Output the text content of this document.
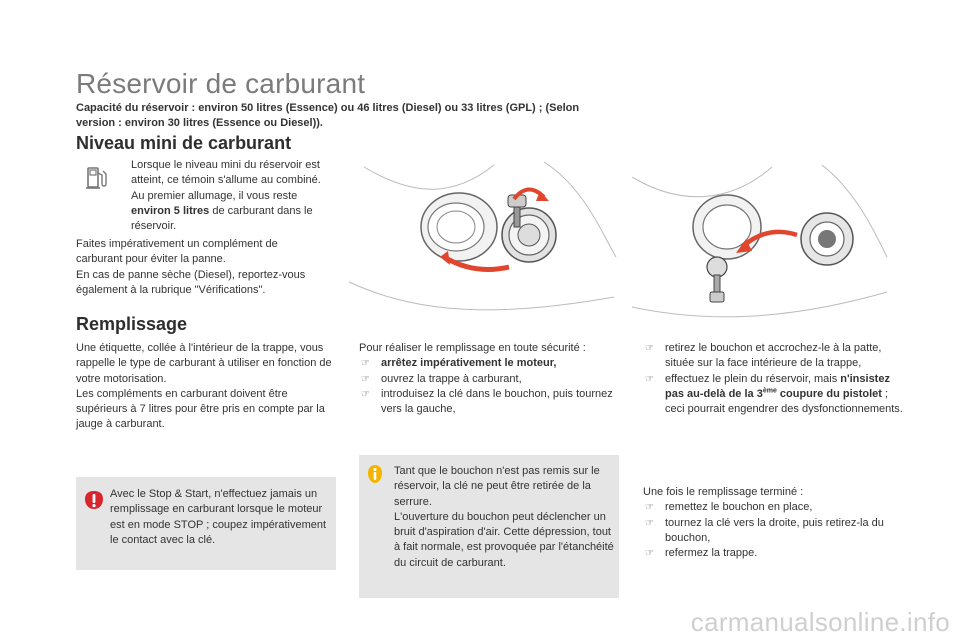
Réservoir de carburant
Capacité du réservoir : environ 50 litres (Essence) ou 46 litres (Diesel) ou 33 litres (GPL) ; (Selon version : environ 30 litres (Essence ou Diesel)).
Niveau mini de carburant
Lorsque le niveau mini du réservoir est atteint, ce témoin s'allume au combiné. Au premier allumage, il vous reste environ 5 litres de carburant dans le réservoir.

Faites impérativement un complément de carburant pour éviter la panne.

En cas de panne sèche (Diesel), reportez-vous également à la rubrique "Vérifications".

Remplissage

Une étiquette, collée à l'intérieur de la trappe, vous rappelle le type de carburant à utiliser en fonction de votre motorisation.

Les compléments en carburant doivent être supérieurs à 7 litres pour être pris en compte par la jauge à carburant.

Avec le Stop & Start, n'effectuez jamais un remplissage en carburant lorsque le moteur est en mode STOP ; coupez impérativement le contact avec la clé.

Pour réaliser le remplissage en toute sécurité :

☞ arrêtez impérativement le moteur,
☞ ouvrez la trappe à carburant,
☞ introduisez la clé dans le bouchon, puis tournez vers la gauche,

Tant que le bouchon n'est pas remis sur le réservoir, la clé ne peut être retirée de la serrure.

L'ouverture du bouchon peut déclencher un bruit d'aspiration d'air. Cette dépression, tout à fait normale, est provoquée par l'étanchéité du circuit de carburant.

☞ retirez le bouchon et accrochez-le à la patte, située sur la face intérieure de la trappe,
☞ effectuez le plein du réservoir, mais n'insistez pas au-delà de la 3ème coupure du pistolet ; ceci pourrait engendrer des dysfonctionnements.

Une fois le remplissage terminé :

☞ remettez le bouchon en place,
☞ tournez la clé vers la droite, puis retirez-la du bouchon,
☞ refermez la trappe.
carmanualsonline.info
